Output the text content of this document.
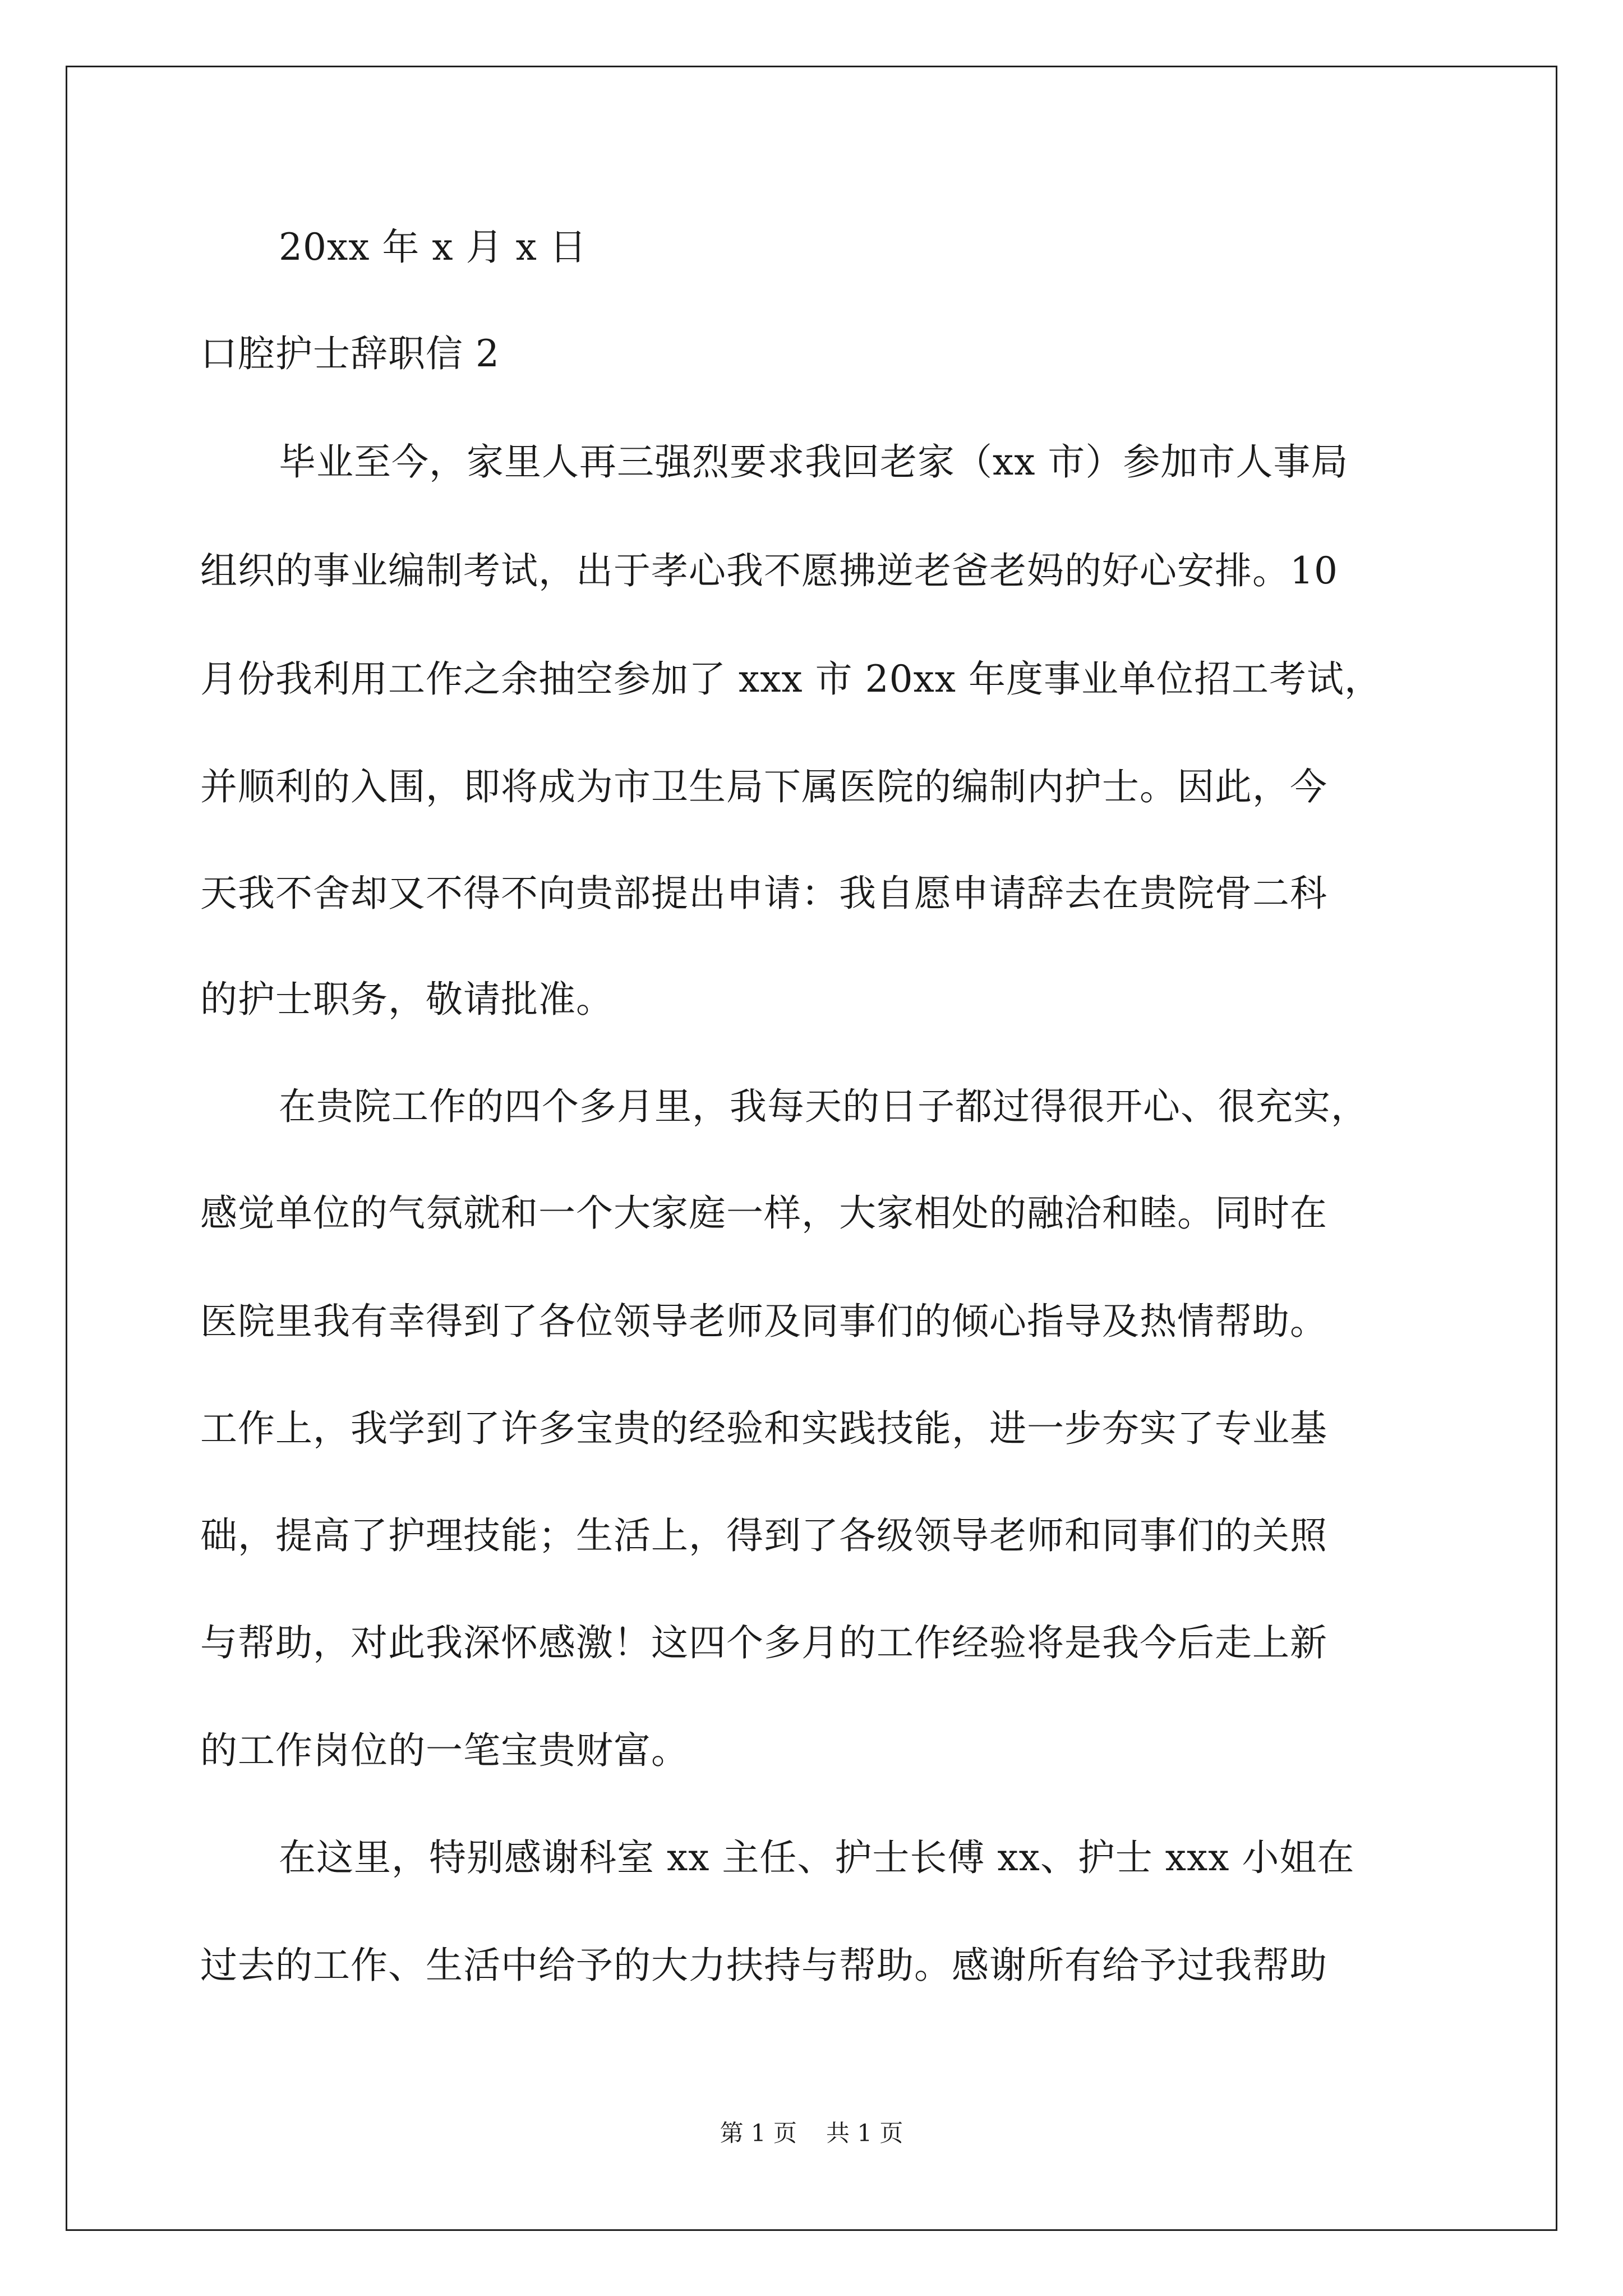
20xx 年 x 月 x 日
口腔护士辞职信 2
毕业至今，家里人再三强烈要求我回老家（xx 市）参加市人事局
组织的事业编制考试，出于孝心我不愿拂逆老爸老妈的好心安排。10
月份我利用工作之余抽空参加了 xxx 市 20xx 年度事业单位招工考试，
并顺利的入围，即将成为市卫生局下属医院的编制内护士。因此，今
天我不舍却又不得不向贵部提出申请：我自愿申请辞去在贵院骨二科
的护士职务，敬请批准。
在贵院工作的四个多月里，我每天的日子都过得很开心、很充实，
感觉单位的气氛就和一个大家庭一样，大家相处的融洽和睦。同时在
医院里我有幸得到了各位领导老师及同事们的倾心指导及热情帮助。
工作上，我学到了许多宝贵的经验和实践技能，进一步夯实了专业基
础，提高了护理技能；生活上，得到了各级领导老师和同事们的关照
与帮助，对此我深怀感激！这四个多月的工作经验将是我今后走上新
的工作岗位的一笔宝贵财富。
在这里，特别感谢科室 xx 主任、护士长傅 xx、护士 xxx 小姐在
过去的工作、生活中给予的大力扶持与帮助。感谢所有给予过我帮助
第 1 页 共 1 页
